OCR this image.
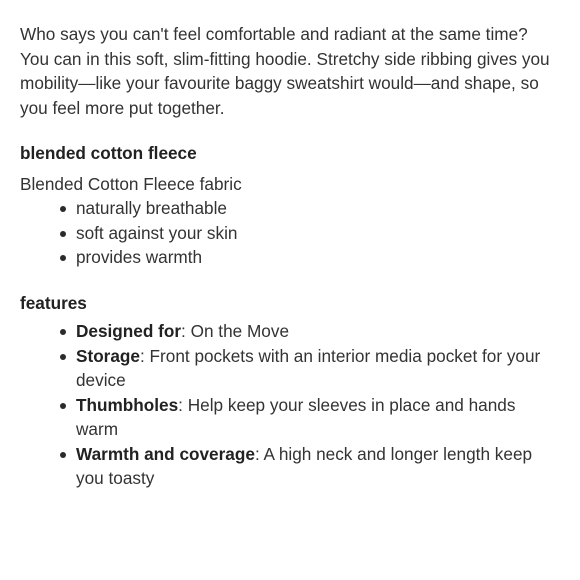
Who says you can't feel comfortable and radiant at the same time? You can in this soft, slim-fitting hoodie. Stretchy side ribbing gives you mobility—like your favourite baggy sweatshirt would—and shape, so you feel more put together.

blended cotton fleece

Blended Cotton Fleece fabric

naturally breathable
soft against your skin
provides warmth
features
Designed for: On the Move
Storage: Front pockets with an interior media pocket for your device
Thumbholes: Help keep your sleeves in place and hands warm
Warmth and coverage: A high neck and longer length keep you toasty
